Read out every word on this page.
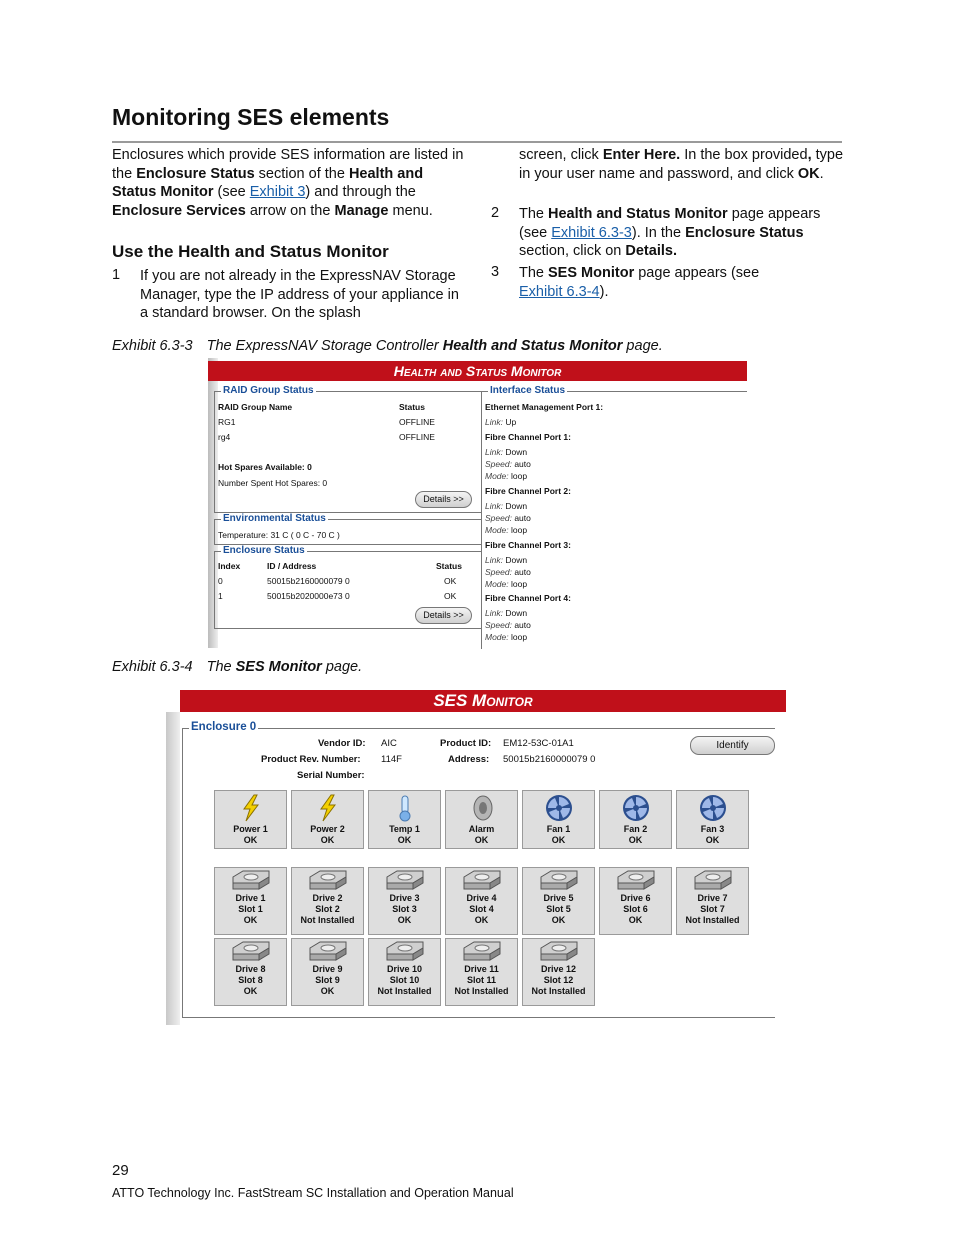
Monitoring SES elements
Enclosures which provide SES information are listed in the Enclosure Status section of the Health and Status Monitor (see Exhibit 3) and through the Enclosure Services arrow on the Manage menu.
Use the Health and Status Monitor
1 If you are not already in the ExpressNAV Storage Manager, type the IP address of your appliance in a standard browser. On the splash
screen, click Enter Here. In the box provided, type in your user name and password, and click OK.
2 The Health and Status Monitor page appears (see Exhibit 6.3-3). In the Enclosure Status section, click on Details.
3 The SES Monitor page appears (see
Exhibit 6.3-4).
Exhibit 6.3-3 The ExpressNAV Storage Controller Health and Status Monitor page.
Health and Status Monitor
RAID Group Status
RAID Group Name	Status
RG1	OFFLINE
rg4	OFFLINE
Hot Spares Available: 0
Number Spent Hot Spares: 0
Details >>
Environmental Status
Temperature: 31 C ( 0 C - 70 C )
Enclosure Status
Index	ID / Address	Status
0	50015b2160000079 0	OK
1	50015b2020000e73 0	OK
Details >>
Interface Status
Ethernet Management Port 1:
Link: Up
Fibre Channel Port 1:
Link: Down
Speed: auto
Mode: loop
Fibre Channel Port 2:
Link: Down
Speed: auto
Mode: loop
Fibre Channel Port 3:
Link: Down
Speed: auto
Mode: loop
Fibre Channel Port 4:
Link: Down
Speed: auto
Mode: loop
Exhibit 6.3-4 The SES Monitor page.
SES Monitor
Enclosure 0
Vendor ID: AIC	Product ID: EM12-53C-01A1
Product Rev. Number: 114F	Address: 50015b2160000079 0
Serial Number:
Identify
Power 1
OK
Power 2
OK
Temp 1
OK
Alarm
OK
Fan 1
OK
Fan 2
OK
Fan 3
OK
Drive 1
Slot 1
OK
Drive 2
Slot 2
Not Installed
Drive 3
Slot 3
OK
Drive 4
Slot 4
OK
Drive 5
Slot 5
OK
Drive 6
Slot 6
OK
Drive 7
Slot 7
Not Installed
Drive 8
Slot 8
OK
Drive 9
Slot 9
OK
Drive 10
Slot 10
Not Installed
Drive 11
Slot 11
Not Installed
Drive 12
Slot 12
Not Installed
29
ATTO Technology Inc. FastStream SC Installation and Operation Manual
